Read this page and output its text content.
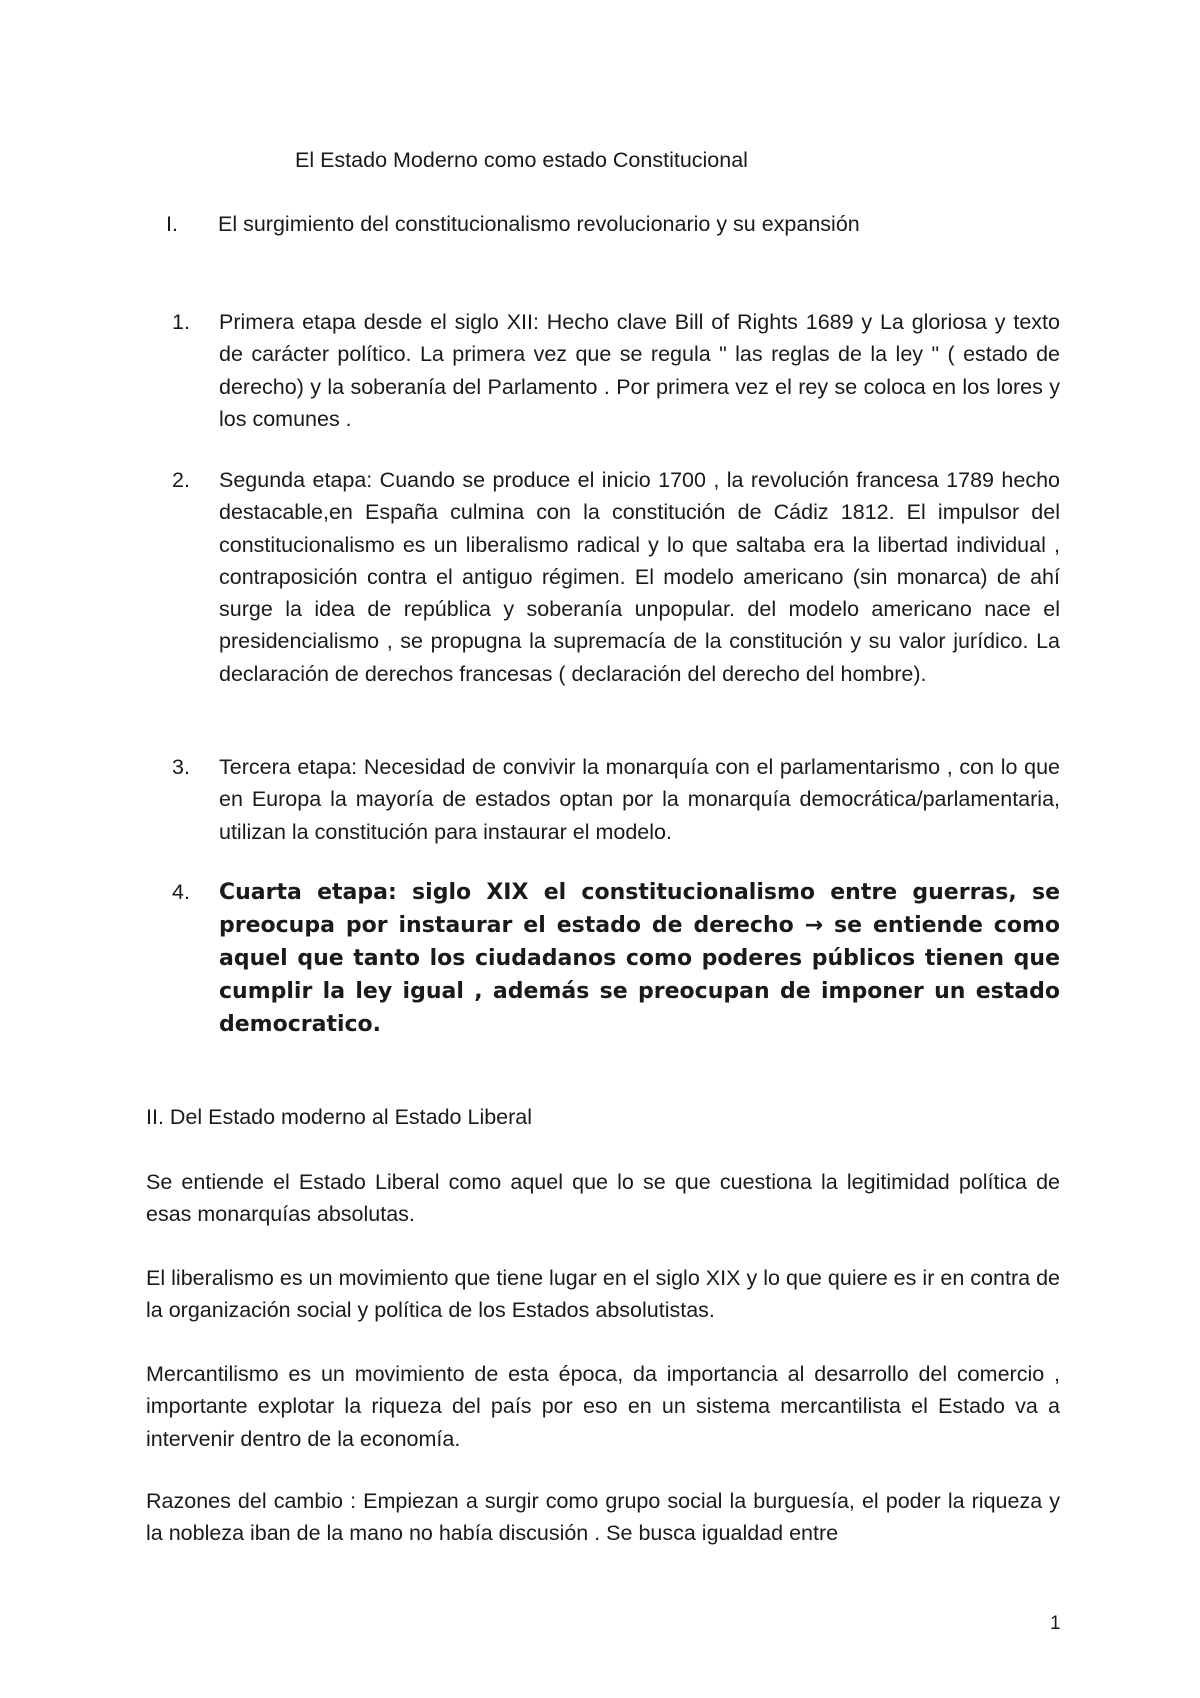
El Estado Moderno como estado Constitucional
I. El surgimiento del constitucionalismo revolucionario y su expansión
1.	Primera etapa desde el siglo XII: Hecho clave Bill of Rights 1689 y La gloriosa y texto de carácter político. La primera vez que se regula " las reglas de la ley " ( estado de derecho) y la soberanía del Parlamento . Por primera vez el rey se coloca en los lores y los comunes .
2.	Segunda etapa: Cuando se produce el inicio 1700 , la revolución francesa 1789 hecho destacable,en España culmina con la constitución de Cádiz 1812. El impulsor del constitucionalismo es un liberalismo radical y lo que saltaba era la libertad individual , contraposición contra el antiguo régimen. El modelo americano (sin monarca) de ahí surge la idea de república y soberanía unpopular. del modelo americano nace el presidencialismo , se propugna la supremacía de la constitución y su valor jurídico. La declaración de derechos francesas ( declaración del derecho del hombre).
3.	Tercera etapa: Necesidad de convivir la monarquía con el parlamentarismo , con lo que en Europa la mayoría de estados optan por la monarquía democrática/parlamentaria, utilizan la constitución para instaurar el modelo.
4.	Cuarta etapa: siglo XIX el constitucionalismo entre guerras, se preocupa por instaurar el estado de derecho → se entiende como aquel que tanto los ciudadanos como poderes públicos tienen que cumplir la ley igual , además se preocupan de imponer un estado democratico.
II. Del Estado moderno al Estado Liberal
Se entiende el Estado Liberal como aquel que lo se que cuestiona la legitimidad política de esas monarquías absolutas.
El liberalismo es un movimiento que tiene lugar en el siglo XIX y lo que quiere es ir en contra de la organización social y política de los Estados absolutistas.
Mercantilismo es un movimiento de esta época, da importancia al desarrollo del comercio , importante explotar la riqueza del país por eso en un sistema mercantilista el Estado va a intervenir dentro de la economía.
Razones del cambio : Empiezan a surgir como grupo social la burguesía, el poder la riqueza y la nobleza iban de la mano no había discusión . Se busca igualdad entre
1
